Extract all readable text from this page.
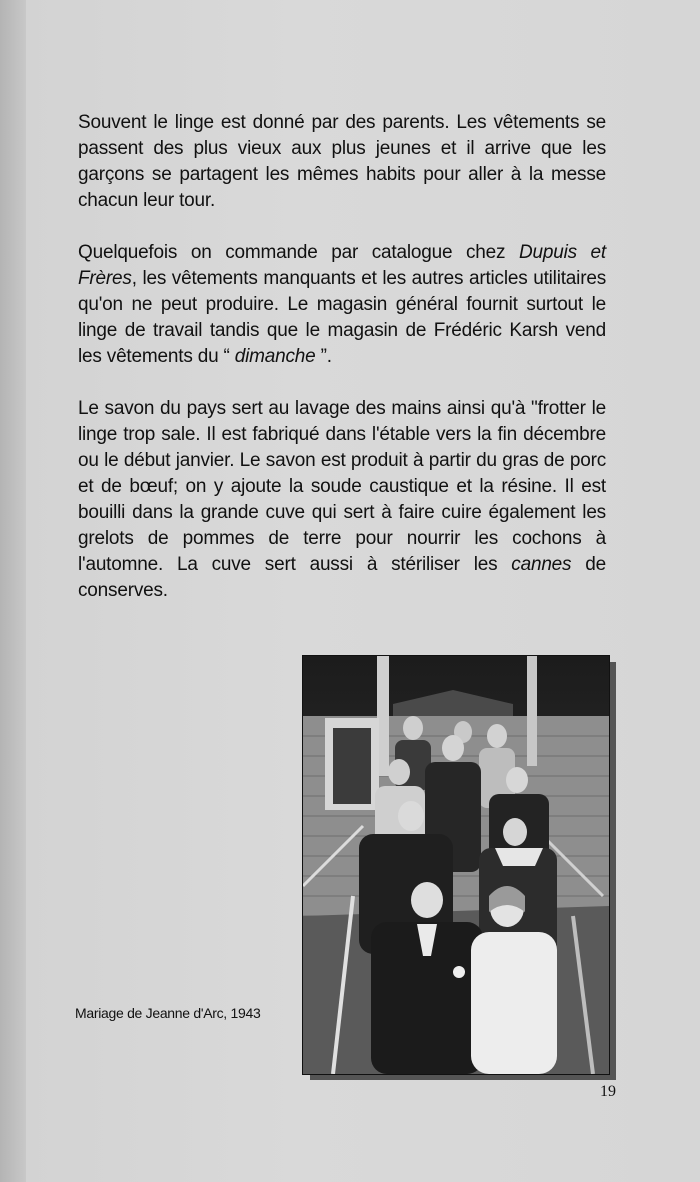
Souvent le linge est donné par des parents. Les vêtements se passent des plus vieux aux plus jeunes et il arrive que les garçons se partagent les mêmes habits pour aller à la messe chacun leur tour.

Quelquefois on commande par catalogue chez Dupuis et Frères, les vêtements manquants et les autres articles utilitaires qu'on ne peut produire. Le magasin général fournit surtout le linge de travail tandis que le magasin de Frédéric Karsh vend les vêtements du “ dimanche ”.

Le savon du pays sert au lavage des mains ainsi qu'à "frotter le linge trop sale. Il est fabriqué dans l'étable vers la fin décembre ou le début janvier. Le savon est produit à partir du gras de porc et de bœuf; on y ajoute la soude caustique et la résine. Il est bouilli dans la grande cuve qui sert à faire cuire également les grelots de pommes de terre pour nourrir les cochons à l'automne. La cuve sert aussi à stériliser les cannes de conserves.

Mariage de Jeanne d'Arc, 1943
19
